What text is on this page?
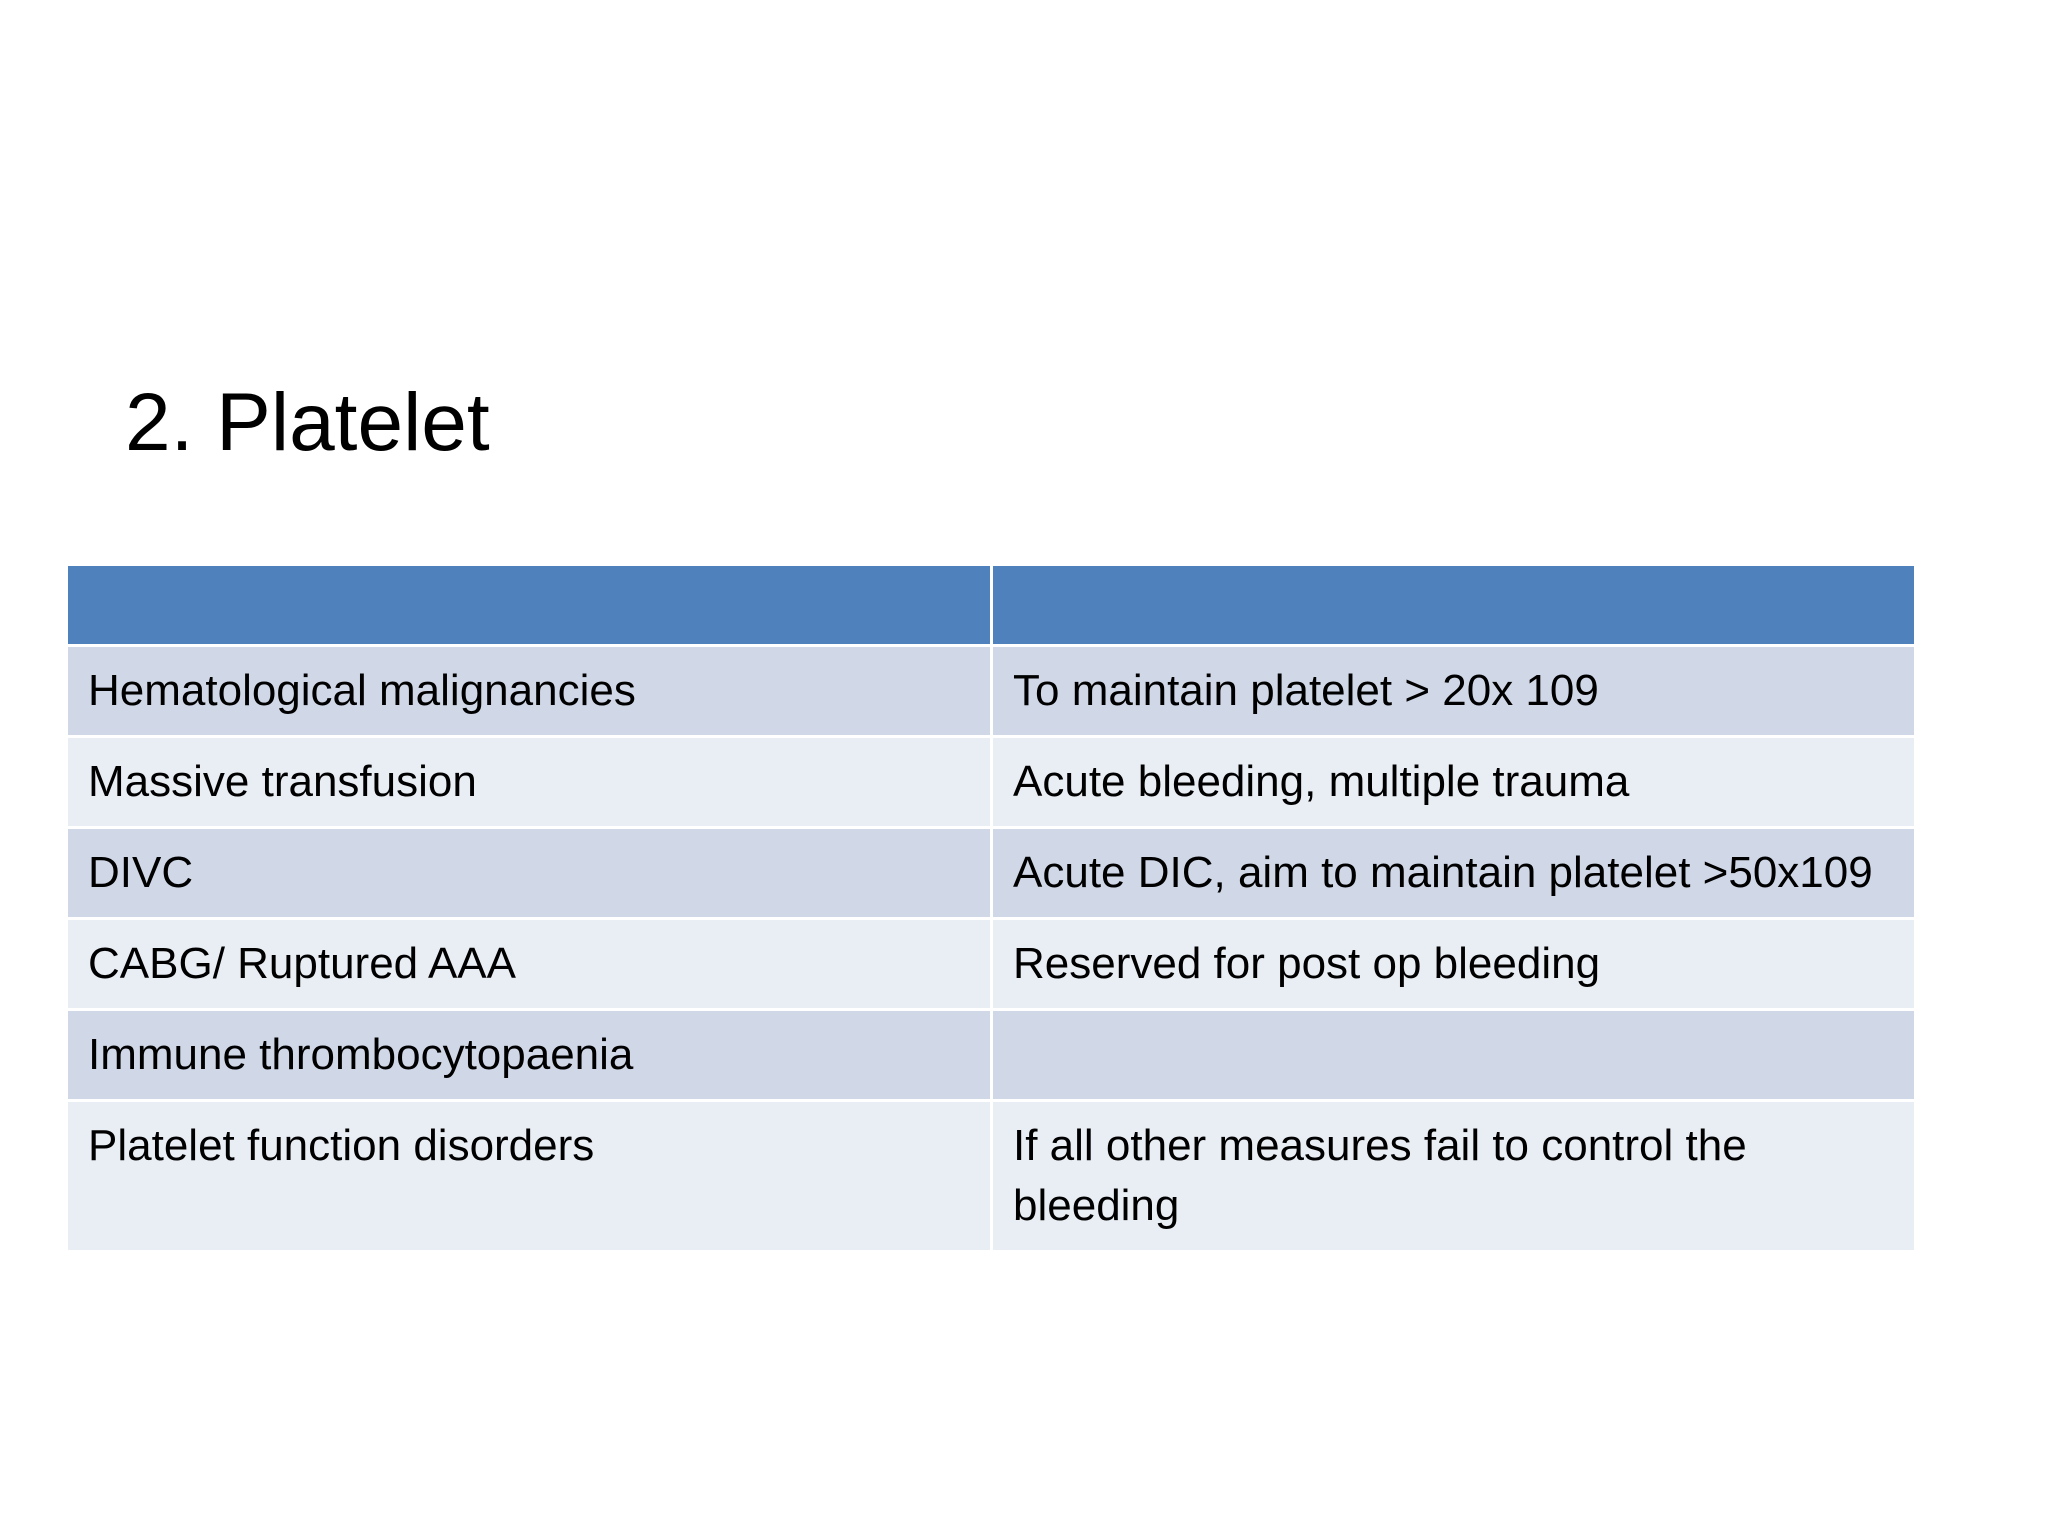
2. Platelet

Hematological malignancies	To maintain platelet > 20x 109
Massive transfusion	Acute bleeding, multiple trauma
DIVC	Acute DIC, aim to maintain platelet >50x109
CABG/ Ruptured AAA	Reserved for post op bleeding
Immune thrombocytopaenia	
Platelet function disorders	If all other measures fail to control the bleeding
